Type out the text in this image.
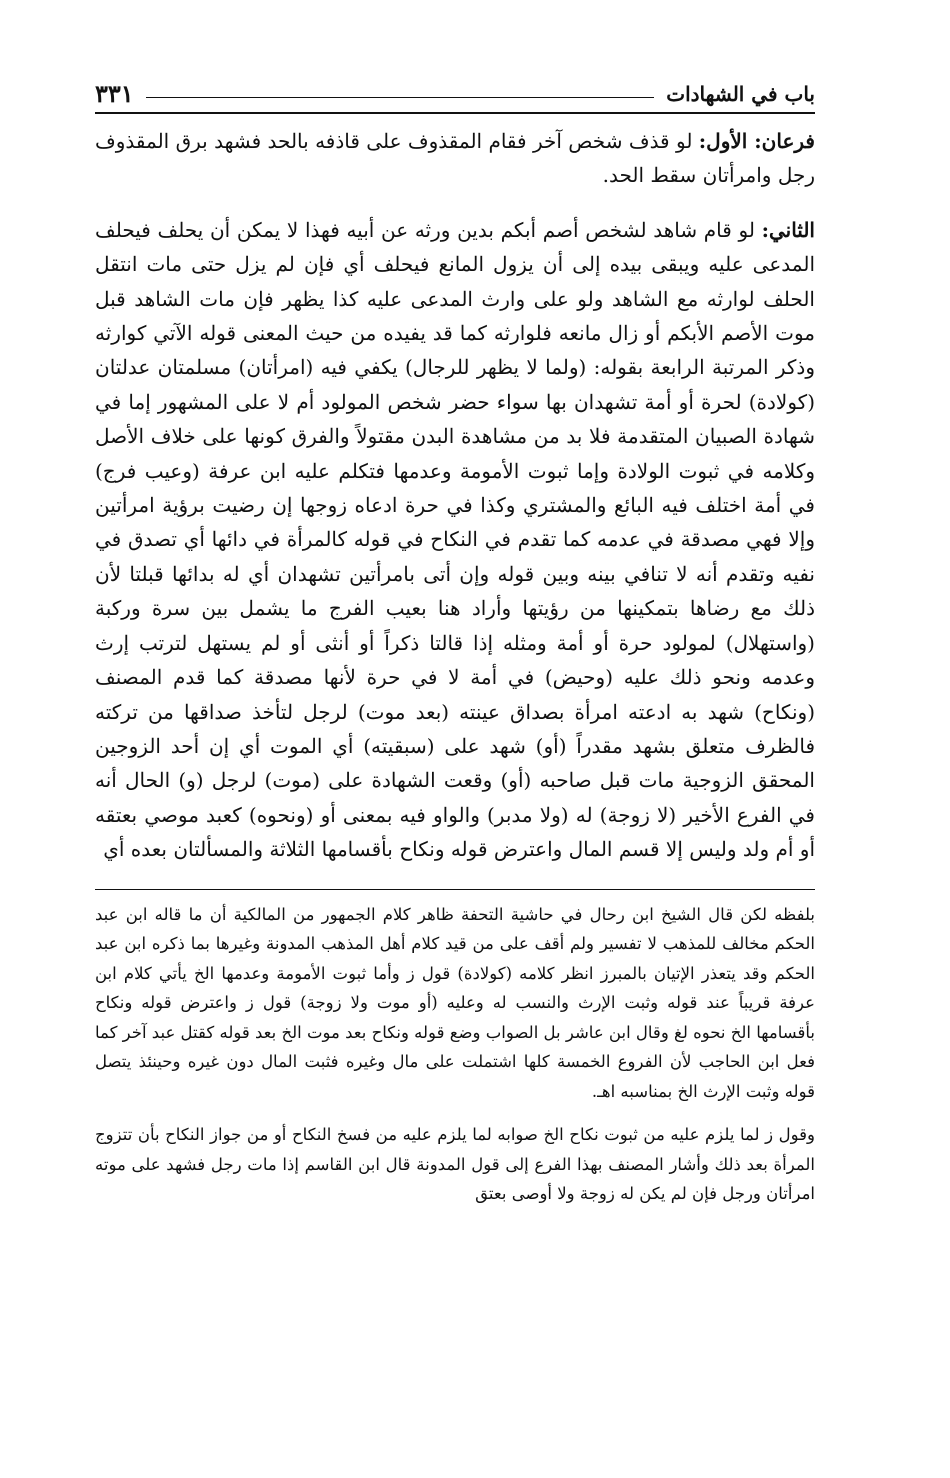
باب في الشهادات
٣٣١

فرعان: الأول: لو قذف شخص آخر فقام المقذوف على قاذفه بالحد فشهد برق المقذوف رجل وامرأتان سقط الحد.

الثاني: لو قام شاهد لشخص أصم أبكم بدين ورثه عن أبيه فهذا لا يمكن أن يحلف فيحلف المدعى عليه ويبقى بيده إلى أن يزول المانع فيحلف أي فإن لم يزل حتى مات انتقل الحلف لوارثه مع الشاهد ولو على وارث المدعى عليه كذا يظهر فإن مات الشاهد قبل موت الأصم الأبكم أو زال مانعه فلوارثه كما قد يفيده من حيث المعنى قوله الآتي كوارثه وذكر المرتبة الرابعة بقوله: (ولما لا يظهر للرجال) يكفي فيه (امرأتان) مسلمتان عدلتان (كولادة) لحرة أو أمة تشهدان بها سواء حضر شخص المولود أم لا على المشهور إما في شهادة الصبيان المتقدمة فلا بد من مشاهدة البدن مقتولاً والفرق كونها على خلاف الأصل وكلامه في ثبوت الولادة وإما ثبوت الأمومة وعدمها فتكلم عليه ابن عرفة (وعيب فرج) في أمة اختلف فيه البائع والمشتري وكذا في حرة ادعاه زوجها إن رضيت برؤية امرأتين وإلا فهي مصدقة في عدمه كما تقدم في النكاح في قوله كالمرأة في دائها أي تصدق في نفيه وتقدم أنه لا تنافي بينه وبين قوله وإن أتى بامرأتين تشهدان أي له بدائها قبلتا لأن ذلك مع رضاها بتمكينها من رؤيتها وأراد هنا بعيب الفرج ما يشمل بين سرة وركبة (واستهلال) لمولود حرة أو أمة ومثله إذا قالتا ذكراً أو أنثى أو لم يستهل لترتب إرث وعدمه ونحو ذلك عليه (وحيض) في أمة لا في حرة لأنها مصدقة كما قدم المصنف (ونكاح) شهد به ادعته امرأة بصداق عينته (بعد موت) لرجل لتأخذ صداقها من تركته فالظرف متعلق بشهد مقدراً (أو) شهد على (سبقيته) أي الموت أي إن أحد الزوجين المحقق الزوجية مات قبل صاحبه (أو) وقعت الشهادة على (موت) لرجل (و) الحال أنه في الفرع الأخير (لا زوجة) له (ولا مدبر) والواو فيه بمعنى أو (ونحوه) كعبد موصي بعتقه أو أم ولد وليس إلا قسم المال واعترض قوله ونكاح بأقسامها الثلاثة والمسألتان بعده أي

بلفظه لكن قال الشيخ ابن رحال في حاشية التحفة ظاهر كلام الجمهور من المالكية أن ما قاله ابن عبد الحكم مخالف للمذهب لا تفسير ولم أقف على من قيد كلام أهل المذهب المدونة وغيرها بما ذكره ابن عبد الحكم وقد يتعذر الإتيان بالمبرز انظر كلامه (كولادة) قول ز وأما ثبوت الأمومة وعدمها الخ يأتي كلام ابن عرفة قريباً عند قوله وثبت الإرث والنسب له وعليه (أو موت ولا زوجة) قول ز واعترض قوله ونكاح بأقسامها الخ نحوه لغ وقال ابن عاشر بل الصواب وضع قوله ونكاح بعد موت الخ بعد قوله كقتل عبد آخر كما فعل ابن الحاجب لأن الفروع الخمسة كلها اشتملت على مال وغيره فثبت المال دون غيره وحينئذ يتصل قوله وثبت الإرث الخ بمناسبه اهـ.

وقول ز لما يلزم عليه من ثبوت نكاح الخ صوابه لما يلزم عليه من فسخ النكاح أو من جواز النكاح بأن تتزوج المرأة بعد ذلك وأشار المصنف بهذا الفرع إلى قول المدونة قال ابن القاسم إذا مات رجل فشهد على موته امرأتان ورجل فإن لم يكن له زوجة ولا أوصى بعتق
